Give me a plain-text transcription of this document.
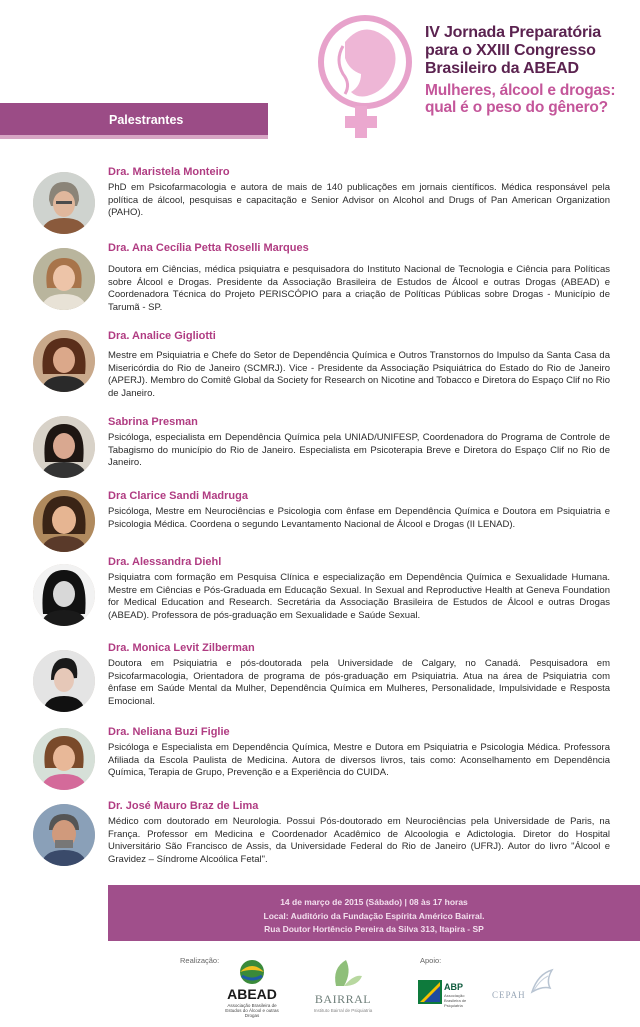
IV Jornada Preparatória
para o XXIII Congresso
Brasileiro da ABEAD
Mulheres, álcool e drogas:
qual é o peso do gênero?
Palestrantes
Dra. Maristela Monteiro
PhD em Psicofarmacologia e autora de mais de 140 publicações em jornais científicos. Médica responsável pela política de álcool, pesquisas e capacitação e Senior Advisor on Alcohol and Drugs of Pan American Organization (PAHO).
Dra. Ana Cecília Petta Roselli Marques
Doutora em Ciências, médica psiquiatra e pesquisadora do Instituto Nacional de Tecnologia e Ciência para Políticas sobre Álcool e Drogas. Presidente da Associação Brasileira de Estudos de Álcool e outras Drogas (ABEAD) e Coordenadora Técnica do Projeto PERISCÓPIO para a criação de Políticas Públicas sobre Drogas - Município de Tarumã - SP.
Dra. Analice Gigliotti
Mestre em Psiquiatria e Chefe do Setor de Dependência Química e Outros Transtornos do Impulso da Santa Casa da Misericórdia do Rio de Janeiro (SCMRJ). Vice - Presidente da Associação Psiquiátrica do Estado do Rio de Janeiro (APERJ). Membro do Comitê Global da Society for Research on Nicotine and Tobacco e Diretora do Espaço Clif no Rio de Janeiro.
Sabrina Presman
Psicóloga, especialista em Dependência Química pela UNIAD/UNIFESP, Coordenadora do Programa de Controle de Tabagismo do município do Rio de Janeiro. Especialista em Psicoterapia Breve e Diretora do Espaço Clif no Rio de Janeiro.
Dra Clarice Sandi Madruga
Psicóloga, Mestre em Neurociências e Psicologia com ênfase em Dependência Química e Doutora em Psiquiatria e Psicologia Médica. Coordena o segundo Levantamento Nacional de Álcool e Drogas (II LENAD).
Dra. Alessandra Diehl
Psiquiatra com formação em Pesquisa Clínica e especialização em Dependência Química e Sexualidade Humana. Mestre em Ciências e Pós-Graduada em Educação Sexual. In Sexual and Reproductive Health at Geneva Foundation for Medical Education and Research. Secretária da Associação Brasileira de Estudos de Álcool e outras Drogas (ABEAD). Professora de pós-graduação em Sexualidade e Saúde Sexual.
Dra. Monica Levit Zilberman
Doutora em Psiquiatria e pós-doutorada pela Universidade de Calgary, no Canadá. Pesquisadora em Psicofarmacologia, Orientadora de programa de pós-graduação em Psiquiatria. Atua na área de Psiquiatria com ênfase em Saúde Mental da Mulher, Dependência Química em Mulheres, Personalidade, Impulsividade e Resposta Emocional.
Dra. Neliana Buzi Figlie
Psicóloga e Especialista em Dependência Química, Mestre e Dutora em Psiquiatria e Psicologia Médica. Professora Afiliada da Escola Paulista de Medicina. Autora de diversos livros, tais como: Aconselhamento em Dependência Química, Terapia de Grupo, Prevenção e a Experiência do CUIDA.
Dr. José Mauro Braz de Lima
Médico com doutorado em Neurologia. Possui Pós-doutorado em Neurociências pela Universidade de Paris, na França. Professor em Medicina e Coordenador Acadêmico de Alcoologia e Adictologia. Diretor do Hospital Universitário São Francisco de Assis, da Universidade Federal do Rio de Janeiro (UFRJ). Autor do livro "Álcool e Gravidez – Síndrome Alcoólica Fetal".
14 de março de 2015 (Sábado) | 08 às 17 horas
Local: Auditório da Fundação Espírita Américo Bairral.
Rua Doutor Hortêncio Pereira da Silva 313, Itapira - SP
Realização:	Apoio:
ABEAD
Associação Brasileira de Estudos do Álcool e outras Drogas
BAIRRAL
Instituto Bairral de Psiquiatria
ABP
Associação Brasileira de Psiquiatria
CEPAH
